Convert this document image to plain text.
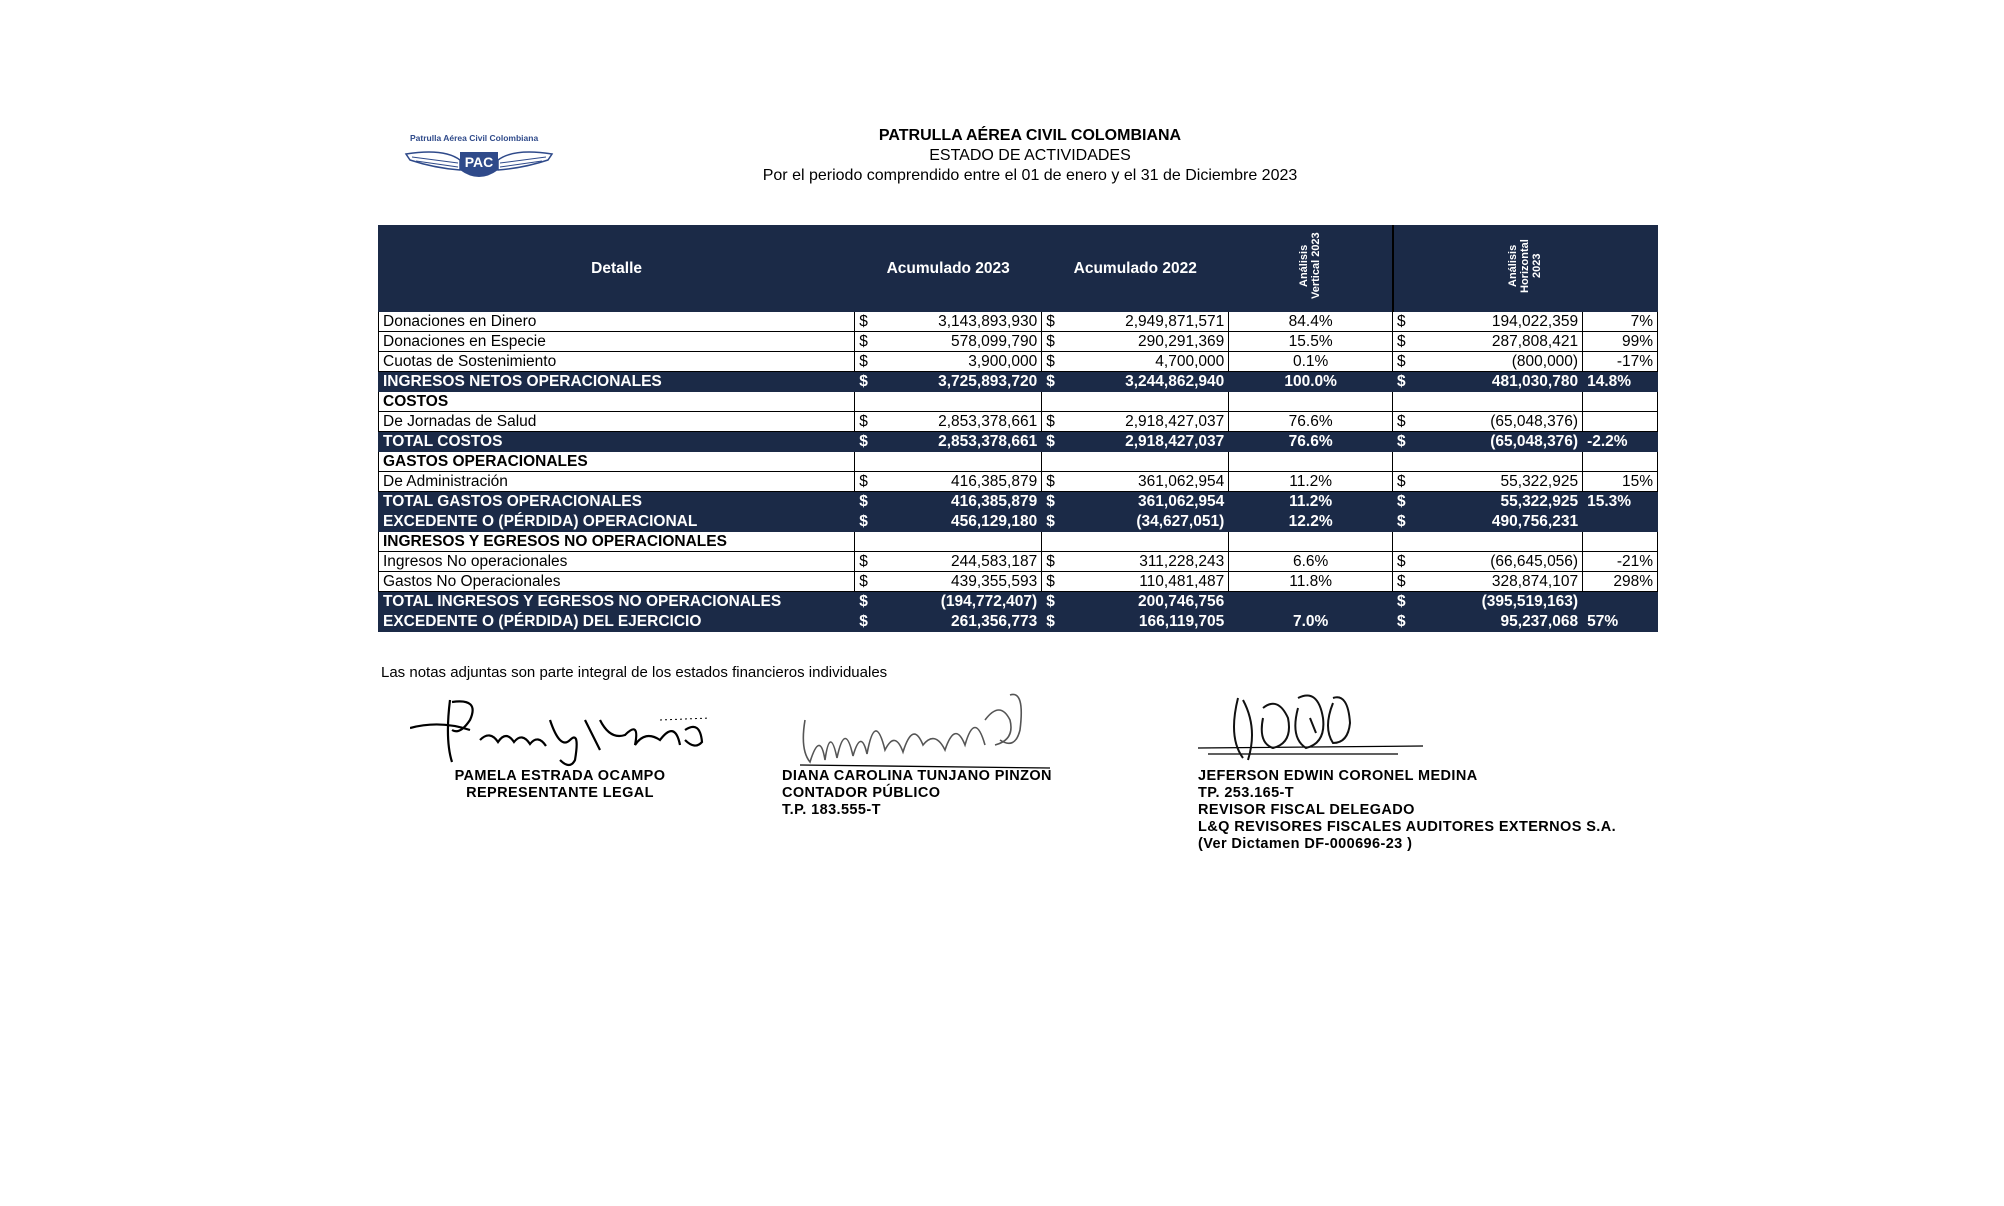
Patrulla Aérea Civil Colombiana
PAC
PATRULLA AÉREA CIVIL COLOMBIANA
ESTADO DE ACTIVIDADES
Por el periodo comprendido entre el 01 de enero y el 31 de Diciembre 2023
Detalle	Acumulado 2023		Acumulado 2022		Análisis Vertical 2023	Análisis Horizontal 2023		
Donaciones en Dinero	$	3,143,893,930	$	2,949,871,571	84.4%	$	194,022,359	7%
Donaciones en Especie	$	578,099,790	$	290,291,369	15.5%	$	287,808,421	99%
Cuotas de Sostenimiento	$	3,900,000	$	4,700,000	0.1%	$	(800,000)	-17%
INGRESOS NETOS OPERACIONALES	$	3,725,893,720	$	3,244,862,940	100.0%	$	481,030,780	14.8%
COSTOS								
De Jornadas de Salud	$	2,853,378,661	$	2,918,427,037	76.6%	$	(65,048,376)	
TOTAL COSTOS	$	2,853,378,661	$	2,918,427,037	76.6%	$	(65,048,376)	-2.2%
GASTOS OPERACIONALES								
De Administración	$	416,385,879	$	361,062,954	11.2%	$	55,322,925	15%
TOTAL GASTOS OPERACIONALES	$	416,385,879	$	361,062,954	11.2%	$	55,322,925	15.3%
EXCEDENTE O (PÉRDIDA) OPERACIONAL	$	456,129,180	$	(34,627,051)	12.2%	$	490,756,231	
INGRESOS Y EGRESOS NO OPERACIONALES								
Ingresos No operacionales	$	244,583,187	$	311,228,243	6.6%	$	(66,645,056)	-21%
Gastos No Operacionales	$	439,355,593	$	110,481,487	11.8%	$	328,874,107	298%
TOTAL INGRESOS Y EGRESOS NO OPERACIONALES	$	(194,772,407)	$	200,746,756		$	(395,519,163)	
EXCEDENTE O (PÉRDIDA) DEL EJERCICIO	$	261,356,773	$	166,119,705	7.0%	$	95,237,068	57%
Las notas adjuntas son parte integral de los estados financieros individuales
PAMELA ESTRADA OCAMPO
REPRESENTANTE LEGAL
DIANA CAROLINA TUNJANO PINZON
CONTADOR PÚBLICO
T.P. 183.555-T
JEFERSON EDWIN CORONEL MEDINA
TP. 253.165-T
REVISOR FISCAL DELEGADO
L&Q REVISORES FISCALES AUDITORES EXTERNOS S.A.
(Ver Dictamen DF-000696-23 )
